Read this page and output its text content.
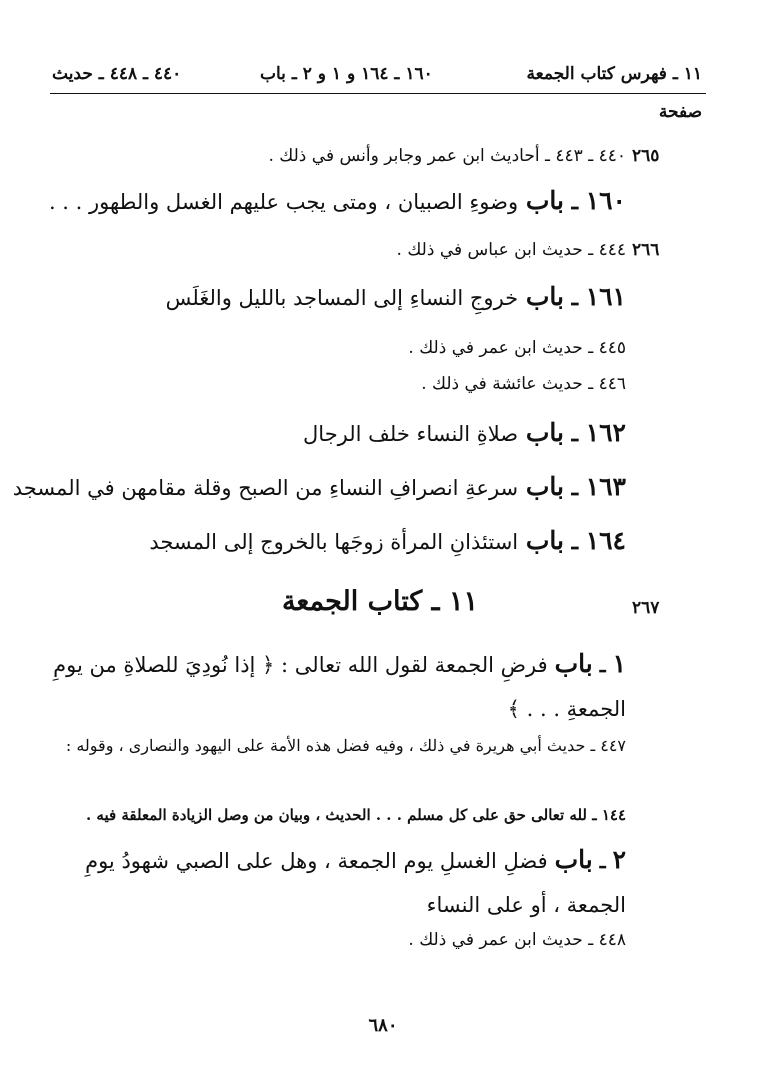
١١ ـ فهرس كتاب الجمعة
١٦٠ ـ ١٦٤ و ١ و ٢ ـ باب
٤٤٠ ـ ٤٤٨ ـ حديث
صفحة
٢٦٥
٤٤٠ ـ ٤٤٣ ـ أحاديث ابن عمر وجابر وأنس في ذلك .
١٦٠ ـ باب وضوءِ الصبيان ، ومتى يجب عليهم الغسل والطهور . . .
٢٦٦
٤٤٤ ـ حديث ابن عباس في ذلك .
١٦١ ـ باب خروجِ النساءِ إلى المساجد بالليل والغَلَس
٤٤٥ ـ حديث ابن عمر في ذلك .
٤٤٦ ـ حديث عائشة في ذلك .
١٦٢ ـ باب صلاةِ النساء خلف الرجال
١٦٣ ـ باب سرعةِ انصرافِ النساءِ من الصبح وقلة مقامهن في المسجد
١٦٤ ـ باب استئذانِ المرأة زوجَها بالخروج إلى المسجد
٢٦٧
١١ ـ كتاب الجمعة
١ ـ باب فرضِ الجمعة لقول الله تعالى : ﴿ إذا نُودِيَ للصلاةِ من يومِ الجمعةِ . . . ﴾
٤٤٧ ـ حديث أبي هريرة في ذلك ، وفيه فضل هذه الأمة على اليهود والنصارى ، وقوله :
١٤٤ ـ لله تعالى حق على كل مسلم . . . الحديث ، وبيان من وصل الزيادة المعلقة فيه .
٢ ـ باب فضلِ الغسلِ يوم الجمعة ، وهل على الصبي شهودُ يومِ الجمعة ، أو على النساء
٤٤٨ ـ حديث ابن عمر في ذلك .
٦٨٠
